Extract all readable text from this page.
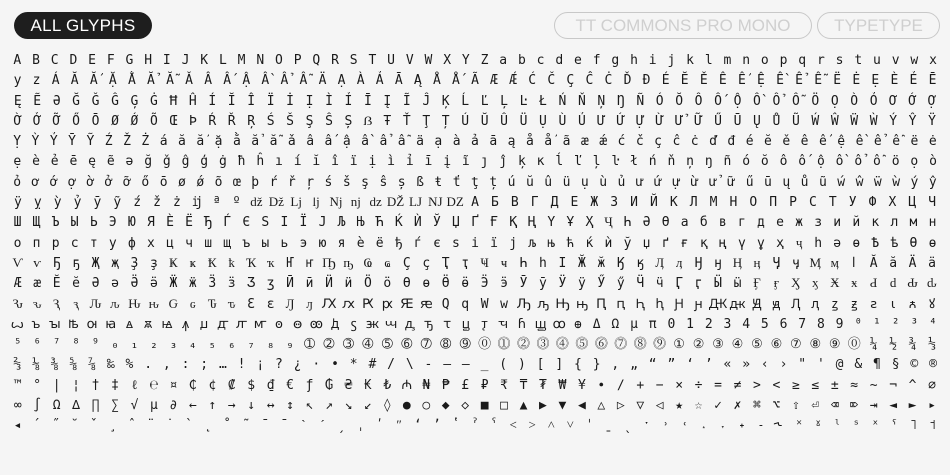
ALL GLYPHS	TT COMMONS PRO MONO	TYPETYPE
A B C D E F G H I J K L M N O P Q R S T U V W X Y Z a b c d e f g h i j k l m n o p q r s t u v w x
y z Á Ă Ắ Ặ Ằ Ẳ Ẵ Ǎ Â Ấ Ậ Ầ Ẩ Ẫ Ä Ạ À Ả Ā Ą Å Ǻ Ã Æ Ǽ Ć Č Ç Ĉ Ċ Ď Đ É Ĕ Ě Ê Ế Ệ Ề Ể Ễ Ë Ė Ẹ È Ẻ Ē
Ę Ẽ Ə Ğ Ǧ Ĝ Ģ Ġ Ħ Ĥ Í Ĭ Î Ï İ Ị Ì Ỉ Ī Į Ĩ Ĵ Ķ Ĺ Ľ Ļ Ŀ Ł Ń Ň Ņ Ŋ Ñ Ó Ŏ Ô Ố Ộ Ồ Ổ Ỗ Ö Ọ Ò Ỏ Ơ Ớ Ợ
Ờ Ở Ỡ Ő Ō Ø Ǿ Õ Œ Þ Ŕ Ř Ŗ Ś Š Ş Ŝ Ș ẞ Ŧ Ť Ţ Ț Ú Ŭ Û Ü Ụ Ù Ủ Ư Ứ Ự Ừ Ử Ữ Ű Ū Ų Ů Ũ Ẃ Ŵ Ẅ Ẁ Ý Ŷ Ÿ
Ỵ Ỳ Ỷ Ȳ Ỹ Ź Ž Ż á ă ắ ặ ằ ẳ ẵ ǎ â ấ ậ ầ ẩ ẫ ä ạ à ả ā ą å ǻ ã æ ǽ ć č ç ĉ ċ ď đ é ĕ ě ê ế ệ ề ể ễ ë ė
ẹ è ẻ ē ę ẽ ə ğ ǧ ĝ ģ ġ ħ ĥ ı í ĭ î ï ị ì ỉ ī į ĩ ȷ ĵ ķ ĸ ĺ ľ ļ ŀ ł ń ň ņ ŋ ñ ó ŏ ô ố ộ ồ ổ ỗ ö ọ ò
ỏ ơ ớ ợ ờ ở ỡ ő ō ø ǿ õ œ þ ŕ ř ŗ ś š ş ŝ ș ß ŧ ť ţ ț ú ŭ û ü ụ ù ủ ư ứ ự ừ ử ữ ű ū ų ů ũ ẃ ŵ ẅ ẁ ý ŷ
ÿ ỵ ỳ ỷ ȳ ỹ ź ž ż ĳ ª º ǆ ǅ ǈ ǉ ǋ ǌ ǳ Ǆ Ǉ Ǌ Ǳ А Б В Г Д Е Ж З И Й К Л М Н О П Р С Т У Ф Х Ц Ч
Ш Щ Ъ Ы Ь Э Ю Я Ѐ Ё Ђ Ѓ Є Ѕ І Ї Ј Љ Њ Ћ Ќ Ѝ Ў Џ Ґ Ғ Қ Ң Ү Ұ Ҳ Ҷ Һ Ә Ө а б в г д е ж з и й к л м н
о п р с т у ф х ц ч ш щ ъ ы ь э ю я ѐ ё ђ ѓ є ѕ і ї ј љ њ ћ ќ ѝ ў џ ґ ғ қ ң ү ұ ҳ ҷ һ ә ө Ѣ ѣ Ѳ ѳ
Ѵ ѵ Ҕ ҕ Җ җ Ҙ ҙ Ҝ ҝ Ҟ ҟ Ҡ ҡ Ҥ ҥ Ҧ ҧ Ҩ ҩ Ҫ ҫ Ҭ ҭ Ҹ ҹ Һ һ Ӏ Ӂ ӂ Ӄ ӄ Ӆ ӆ Ӈ ӈ Ӊ ӊ Ӌ ӌ Ӎ ӎ ӏ Ӑ ӑ Ӓ ӓ
Ӕ ӕ Ӗ ӗ Ә ә Ӛ ӛ Ӝ ӝ Ӟ ӟ Ӡ ӡ Ӣ ӣ Ӥ ӥ Ӧ ӧ Ө ө Ӫ ӫ Ӭ ӭ Ӯ ӯ Ӱ ӱ Ӳ ӳ Ӵ ӵ Ӷ ӷ Ӹ ӹ Ӻ	ӻ Ӽ ӽ Ӿ ӿ Ԁ ԁ Ԃ ԃ
Ԅ ԅ Ԇ ԇ Ԉ ԉ Ԋ ԋ Ԍ ԍ Ԏ ԏ Ԑ ԑ Ԓ ԓ Ԕ ԕ Ԗ ԗ Ԙ ԙ Ԛ ԛ Ԝ ԝ Ԡ ԡ Ԣ ԣ Ԥ ԥ Ԧ ԧ Ԩ ԩ Ԫ ԫ Ԭ ԭ Ԯ ԯ ꙁ	ꙃ ꙅ	ꙇ	ꙉ ꙋ
ꙍ ꙏ ꙑ ꙓ ꙕ ꙗ ꙙ ꙛ ꙝ ꙟ ꙡ ꙣ ꙥ ꙧ ꙩ ꙫ ꙭ ꚁ ꚃ ꚅ ꚇ ꚉ ꚋ ꚍ ꚏ ꚑ ꚓ ꚕ ꚗ ꚙ ꚛ Δ Ω μ π 0 1 2 3 4 5 6 7 8 9 ⁰ ¹ ² ³ ⁴
⁵ ⁶ ⁷ ⁸ ⁹ ₀ ₁ ₂ ₃ ₄ ₅ ₆ ₇ ₈ ₉ ➀ ➁ ➂ ➃ ➄ ➅ ➆ ➇ ➈ ⓪ ⓵ ⓶ ⓷ ⓸ ⓹ ⓺ ⓻ ⓼ ⓽ ① ② ③ ④ ⑤ ⑥ ⑦ ⑧ ⑨ ⓪ ¼ ½ ¾ ⅓
⅔ ⅛ ⅜ ⅝ ⅞ ‰ % . , : ; … ! ¡ ? ¿ · • * # / \ - – — _ ( ) [ ] { } ‚ „ “ ” ‘ ’ « » ‹ › " ' @ & ¶ § © ®
™ ° | ¦ † ‡ ℓ ℮ ¤ ₵ ¢ ₡ $ ₫ € ƒ ₲ ₴ ₭ ₺ ₼ ₦ ₱ £ ₽ ₹ ₸ ₮ ₩ ¥ ∙ ∕ + − × ÷ = ≠ > < ≥ ≤ ± ≈ ~ ¬ ^ ∅
∞ ∫ Ω ∆ ∏ ∑ √ µ ∂ ← ↑ → ↓ ↔ ↕ ↖ ↗ ↘ ↙ ◊ ● ○ ◆ ◇ ■ □ ▲ ▶ ▼ ◀ △ ▷ ▽ ◁ ★ ☆ ✓ ✗ ⌘ ⌥ ⇧ ⏎ ⌫ ⌦ ⇥ ◄ ► ▸
◂ ´ ˝ ˘ ˇ ¸ ˆ ¨ ˙ ` ˛ ˚ ˜ ¯ ˉ ˋ	ˊ ˏ ˌ ʹ ʺ ʻ ʼ ʽ ˀ ˁ ˂ ˃ ˄ ˅ ˈ ˍ ˎ ˑ ˒ ˓ ˔	˕ ˖ ˗ ˞ ˟ ˠ ˡ ˢ ˣ ˤ ˥ ˦
